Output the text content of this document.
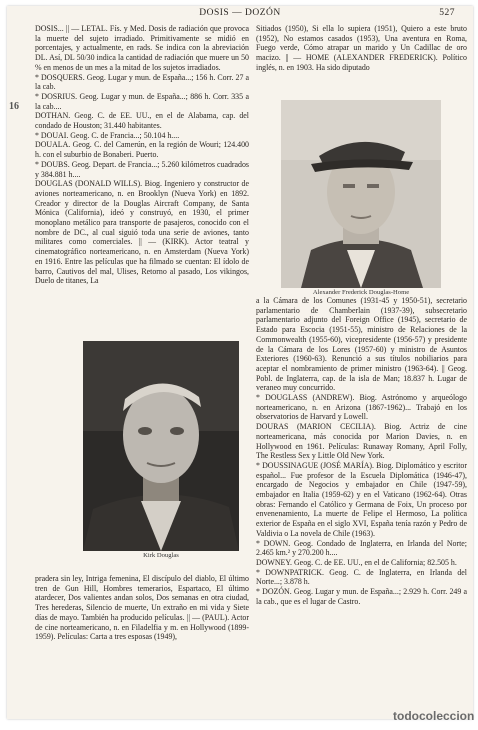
DOSIS — DOZÓN	527
16

DOSIS... || — LETAL. Fís. y Med. Dosis de radiación que provoca la muerte del sujeto irradiado. Primitivamente se midió en porcentajes, y actualmente, en rads. Se indica con la abreviación DL. Así, DL 50/30 indica la cantidad de radiación que muere un 50 % en menos de un mes a la mitad de los sujetos irradiados.

* DOSQUERS. Geog. Lugar y mun. de España...; 156 h. Corr. 27 a la cab.

* DOSRIUS. Geog. Lugar y mun. de España...; 886 h. Corr. 335 a la cab....

DOTHAN. Geog. C. de EE. UU., en el de Alabama, cap. del condado de Houston; 31.440 habitantes.

* DOUAI. Geog. C. de Francia...; 50.104 h....

DOUALA. Geog. C. del Camerún, en la región de Wouri; 124.400 h. con el suburbio de Bonaberi. Puerto.

* DOUBS. Geog. Depart. de Francia...; 5.260 kilómetros cuadrados y 384.881 h....

DOUGLAS (DONALD WILLS). Biog. Ingeniero y constructor de aviones norteamericano, n. en Brooklyn (Nueva York) en 1892. Creador y director de la Douglas Aircraft Company, de Santa Mónica (California), ideó y construyó, en 1930, el primer monoplano metálico para transporte de pasajeros, conocido con el nombre de DC., al cual siguió toda una serie de aviones, tanto militares como comerciales. || — (KIRK). Actor teatral y cinematográfico norteamericano, n. en Amsterdam (Nueva York) en 1916. Entre las películas que ha filmado se cuentan: El ídolo de barro, Cautivos del mal, Ulises, Retorno al pasado, Los vikingos, Duelo de titanes, La

Sitiados (1950), Si ella lo supiera (1951), Quiero a este bruto (1952), No estamos casados (1953), Una aventura en Roma, Fuego verde, Cómo atrapar un marido y Un Cadillac de oro macizo. || — HOME (ALEXANDER FREDERICK). Político inglés, n. en 1903. Ha sido diputado

Alexander Frederick Douglas-Home

a la Cámara de los Comunes (1931-45 y 1950-51), secretario parlamentario de Chamberlain (1937-39), subsecretario parlamentario adjunto del Foreign Office (1945), secretario de Estado para Escocia (1951-55), ministro de Relaciones de la Commonwealth (1955-60), vicepresidente (1956-57) y presidente de la Cámara de los Lores (1957-60) y ministro de Asuntos Exteriores (1960-63). Renunció a sus títulos nobiliarios para aceptar el nombramiento de primer ministro (1963-64). || Geog. Pobl. de Inglaterra, cap. de la isla de Man; 18.837 h. Lugar de veraneo muy concurrido.

* DOUGLASS (ANDREW). Biog. Astrónomo y arqueólogo norteamericano, n. en Arizona (1867-1962)... Trabajó en los observatorios de Harvard y Lowell.

DOURAS (MARION CECILIA). Biog. Actriz de cine norteamericana, más conocida por Marion Davies, n. en Hollywood en 1961. Películas: Runaway Romany, April Folly, The Restless Sex y Little Old New York.

* DOUSSINAGUE (JOSÉ MARÍA). Biog. Diplomático y escritor español... Fue profesor de la Escuela Diplomática (1946-47), encargado de Negocios y embajador en Chile (1947-59), embajador en Italia (1959-62) y en el Vaticano (1962-64). Otras obras: Fernando el Católico y Germana de Foix, Un proceso por envenenamiento, La muerte de Felipe el Hermoso, La política exterior de España en el siglo XVI, España tenía razón y Pedro de Valdivia o La novela de Chile (1963).

* DOWN. Geog. Condado de Inglaterra, en Irlanda del Norte; 2.465 km.² y 270.200 h....

DOWNEY. Geog. C. de EE. UU., en el de California; 82.505 h.

* DOWNPATRICK. Geog. C. de Inglaterra, en Irlanda del Norte...; 3.878 h.

* DOZÓN. Geog. Lugar y mun. de España...; 2.929 h. Corr. 249 a la cab., que es el lugar de Castro.

Kirk Douglas

pradera sin ley, Intriga femenina, El discípulo del diablo, El último tren de Gun Hill, Hombres temerarios, Espartaco, El último atardecer, Dos valientes andan solos, Dos semanas en otra ciudad, Tres herederas, Silencio de muerte, Un extraño en mi vida y Siete días de mayo. También ha producido películas. || — (PAUL). Actor de cine norteamericano, n. en Filadelfia y m. en Hollywood (1899-1959). Películas: Carta a tres esposas (1949),

todocoleccion
